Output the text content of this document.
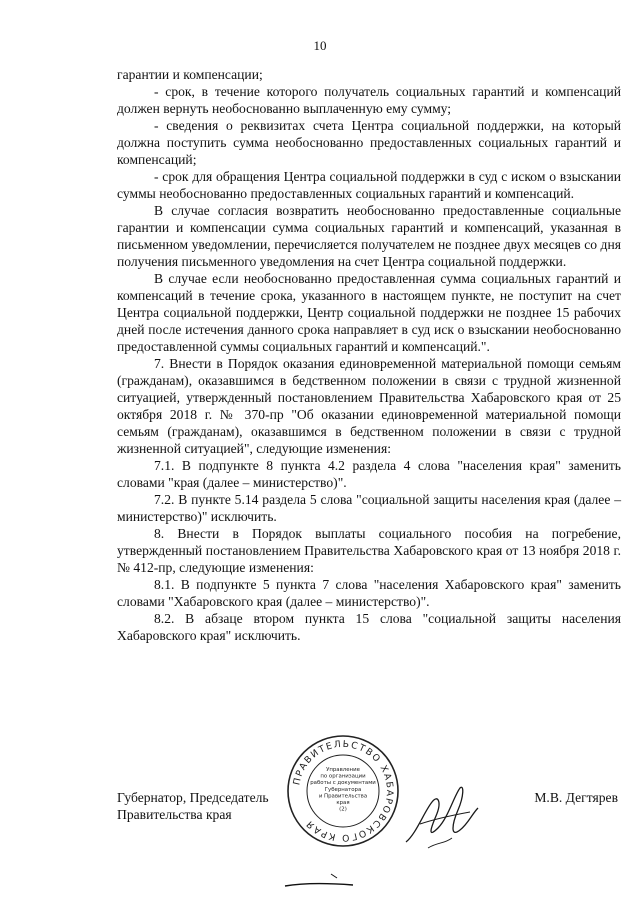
10

гарантии и компенсации;

- срок, в течение которого получатель социальных гарантий и компенсаций должен вернуть необоснованно выплаченную ему сумму;

- сведения о реквизитах счета Центра социальной поддержки, на который должна поступить сумма необоснованно предоставленных социальных гарантий и компенсаций;

- срок для обращения Центра социальной поддержки в суд с иском о взыскании суммы необоснованно предоставленных социальных гарантий и компенсаций.

В случае согласия возвратить необоснованно предоставленные социальные гарантии и компенсации сумма социальных гарантий и компенсаций, указанная в письменном уведомлении, перечисляется получателем не позднее двух месяцев со дня получения письменного уведомления на счет Центра социальной поддержки.

В случае если необоснованно предоставленная сумма социальных гарантий и компенсаций в течение срока, указанного в настоящем пункте, не поступит на счет Центра социальной поддержки, Центр социальной поддержки не позднее 15 рабочих дней после истечения данного срока направляет в суд иск о взыскании необоснованно предоставленной суммы социальных гарантий и компенсаций.".

7. Внести в Порядок оказания единовременной материальной помощи семьям (гражданам), оказавшимся в бедственном положении в связи с трудной жизненной ситуацией, утвержденный постановлением Правительства Хабаровского края от 25 октября 2018 г. № 370-пр "Об оказании единовременной материальной помощи семьям (гражданам), оказавшимся в бедственном положении в связи с трудной жизненной ситуацией", следующие изменения:

7.1. В подпункте 8 пункта 4.2 раздела 4 слова "населения края" заменить словами "края (далее – министерство)".

7.2. В пункте 5.14 раздела 5 слова "социальной защиты населения края (далее – министерство)" исключить.

8. Внести в Порядок выплаты социального пособия на погребение, утвержденный постановлением Правительства Хабаровского края от 13 ноября 2018 г. № 412-пр, следующие изменения:

8.1. В подпункте 5 пункта 7 слова "населения Хабаровского края" заменить словами "Хабаровского края (далее – министерство)".

8.2. В абзаце втором пункта 15 слова "социальной защиты населения Хабаровского края" исключить.

Губернатор, Председатель
Правительства края
ПРАВИТЕЛЬСТВО ХАБАРОВСКОГО КРАЯ
Управление
по организации
работы с документами
Губернатора
и Правительства
края
(2)
М.В. Дегтярев
